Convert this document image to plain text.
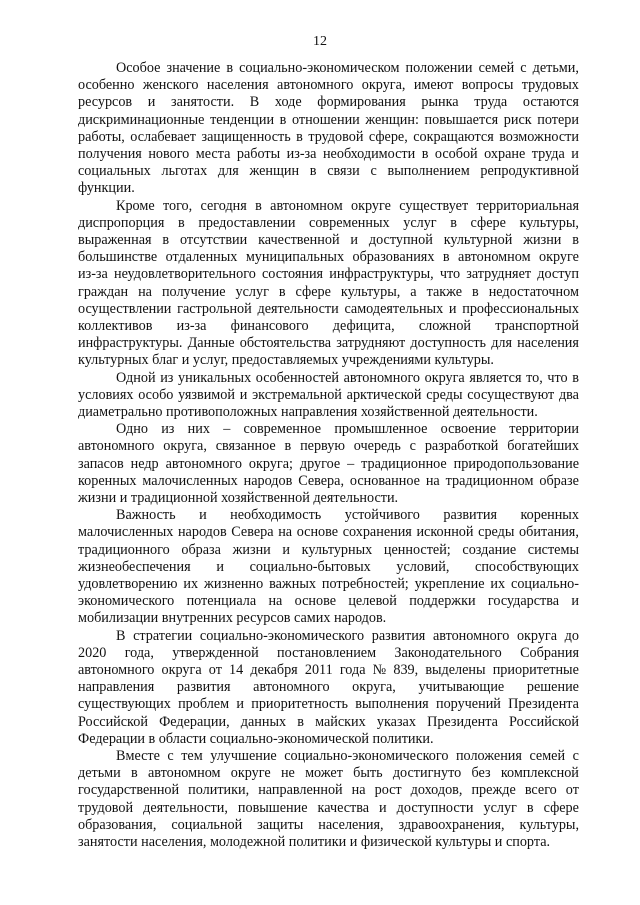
12
Особое значение в социально-экономическом положении семей с детьми,
особенно женского населения автономного округа, имеют вопросы трудовых
ресурсов и занятости. В ходе формирования рынка труда остаются
дискриминационные тенденции в отношении женщин: повышается риск потери
работы, ослабевает защищенность в трудовой сфере, сокращаются возможности
получения нового места работы из-за необходимости в особой охране труда и
социальных льготах для женщин в связи с выполнением репродуктивной
функции.
Кроме того, сегодня в автономном округе существует территориальная
диспропорция в предоставлении современных услуг в сфере культуры,
выраженная в отсутствии качественной и доступной культурной жизни в
большинстве отдаленных муниципальных образованиях в автономном округе
из-за неудовлетворительного состояния инфраструктуры, что затрудняет доступ
граждан на получение услуг в сфере культуры, а также в недостаточном
осуществлении гастрольной деятельности самодеятельных и профессиональных
коллективов из-за финансового дефицита, сложной транспортной
инфраструктуры. Данные обстоятельства затрудняют доступность для населения
культурных благ и услуг, предоставляемых учреждениями культуры.
Одной из уникальных особенностей автономного округа является то, что в
условиях особо уязвимой и экстремальной арктической среды сосуществуют два
диаметрально противоположных направления хозяйственной деятельности.
Одно из них – современное промышленное освоение территории
автономного округа, связанное в первую очередь с разработкой богатейших
запасов недр автономного округа; другое – традиционное природопользование
коренных малочисленных народов Севера, основанное на традиционном образе
жизни и традиционной хозяйственной деятельности.
Важность и необходимость устойчивого развития коренных
малочисленных народов Севера на основе сохранения исконной среды обитания,
традиционного образа жизни и культурных ценностей; создание системы
жизнеобеспечения и социально-бытовых условий, способствующих
удовлетворению их жизненно важных потребностей; укрепление их социально-
экономического потенциала на основе целевой поддержки государства и
мобилизации внутренних ресурсов самих народов.
В стратегии социально-экономического развития автономного округа до
2020 года, утвержденной постановлением Законодательного Собрания
автономного округа от 14 декабря 2011 года № 839, выделены приоритетные
направления развития автономного округа, учитывающие решение
существующих проблем и приоритетность выполнения поручений Президента
Российской Федерации, данных в майских указах Президента Российской
Федерации в области социально-экономической политики.
Вместе с тем улучшение социально-экономического положения семей с
детьми в автономном округе не может быть достигнуто без комплексной
государственной политики, направленной на рост доходов, прежде всего от
трудовой деятельности, повышение качества и доступности услуг в сфере
образования, социальной защиты населения, здравоохранения, культуры,
занятости населения, молодежной политики и физической культуры и спорта.
